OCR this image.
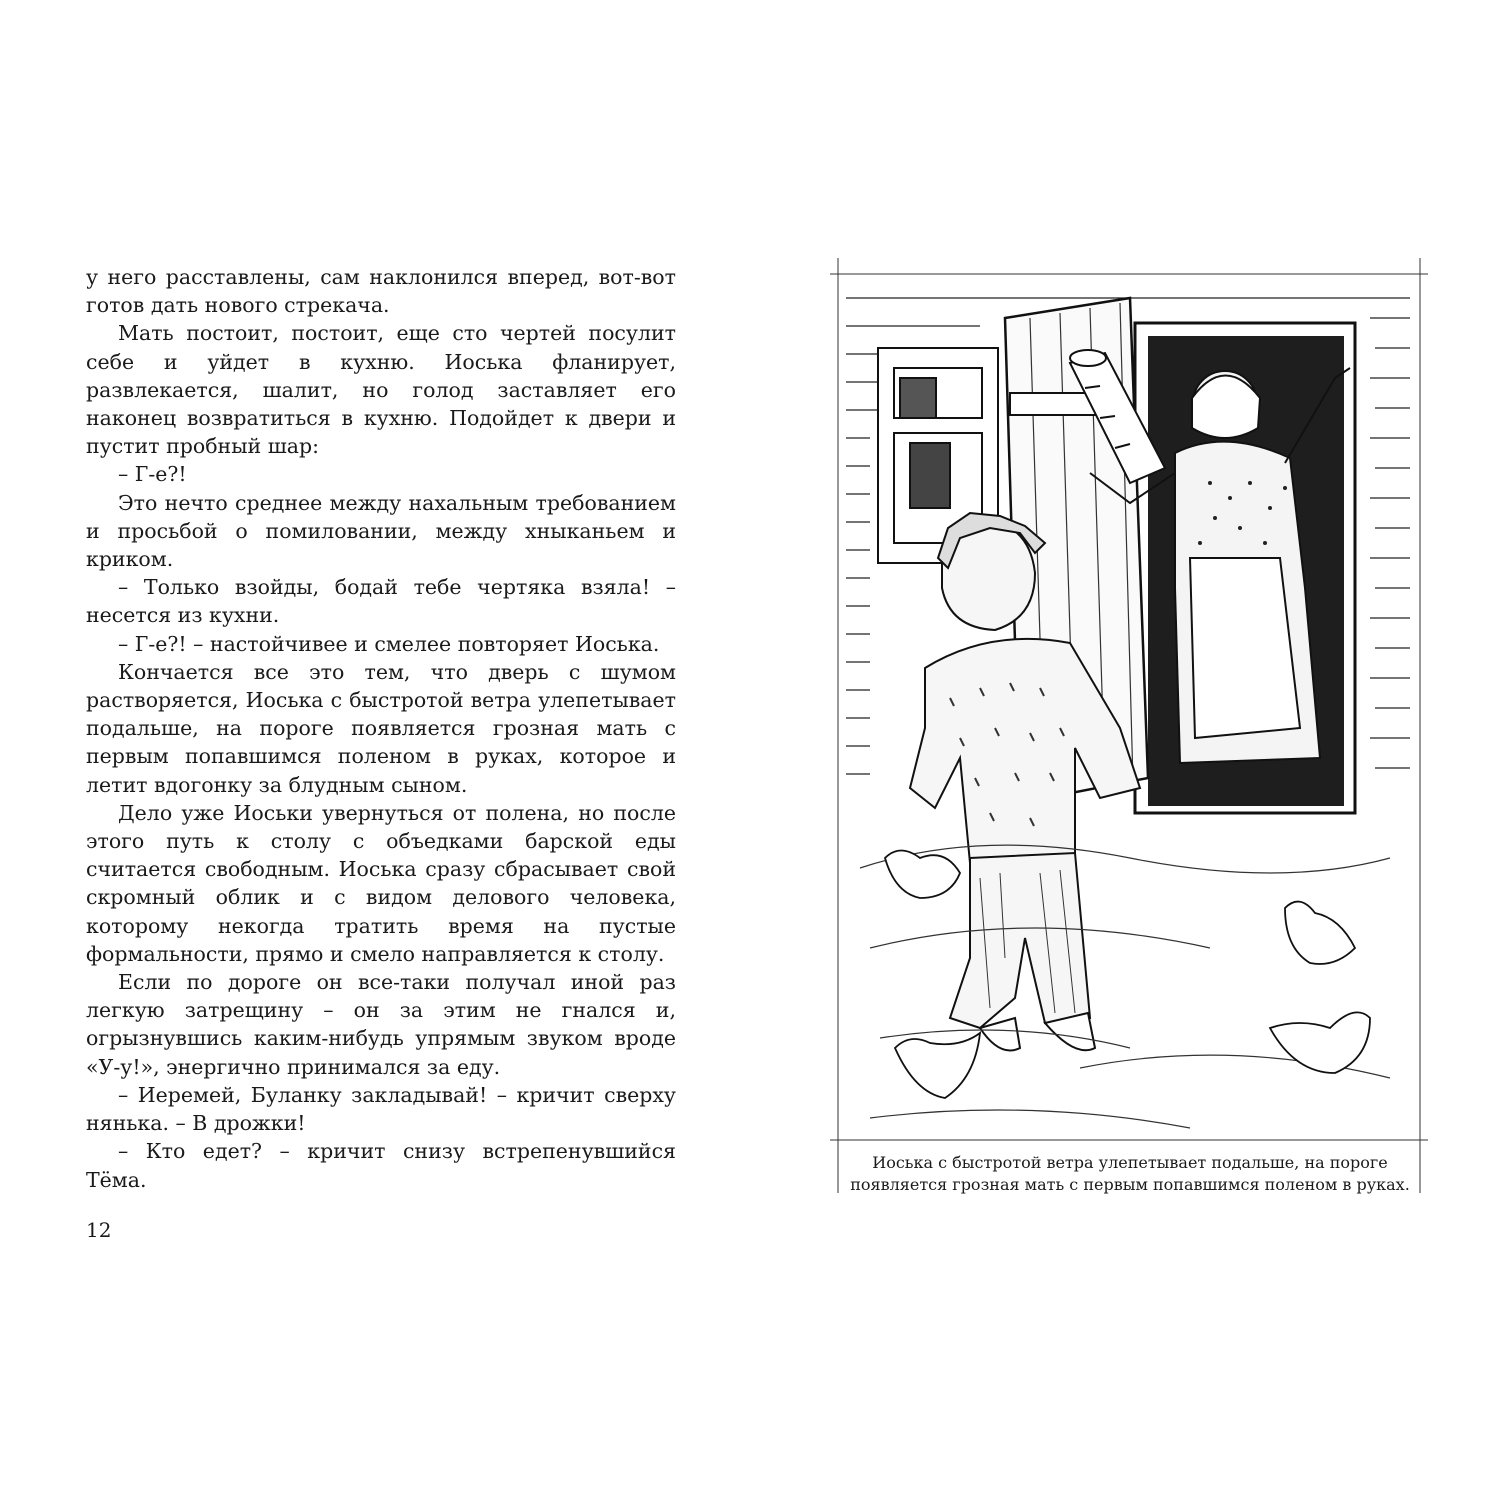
у него расставлены, сам наклонился вперед, вот-вот готов дать нового стрекача.

Мать постоит, постоит, еще сто чертей посулит себе и уйдет в кухню. Иоська фланирует, развлекается, шалит, но голод заставляет его наконец возвратиться в кухню. Подойдет к двери и пустит пробный шар:

– Г-е?!

Это нечто среднее между нахальным требованием и просьбой о помиловании, между хныканьем и криком.

– Только взойды, бодай тебе чертяка взяла! – несется из кухни.

– Г-е?! – настойчивее и смелее повторяет Иоська.

Кончается все это тем, что дверь с шумом растворяется, Иоська с быстротой ветра улепетывает подальше, на пороге появляется грозная мать с первым попавшимся поленом в руках, которое и летит вдогонку за блудным сыном.

Дело уже Иоськи увернуться от полена, но после этого путь к столу с объедками барской еды считается свободным. Иоська сразу сбрасывает свой скромный облик и с видом делового человека, которому некогда тратить время на пустые формальности, прямо и смело направляется к столу.

Если по дороге он все-таки получал иной раз легкую затрещину – он за этим не гнался и, огрызнувшись каким-нибудь упрямым звуком вроде «У-у!», энергично принимался за еду.

– Иеремей, Буланку закладывай! – кричит сверху нянька. – В дрожки!

– Кто едет? – кричит снизу встрепенувшийся Тёма.

12
Иоська с быстротой ветра улепетывает подальше, на пороге появляется грозная мать с первым попавшимся поленом в руках.
